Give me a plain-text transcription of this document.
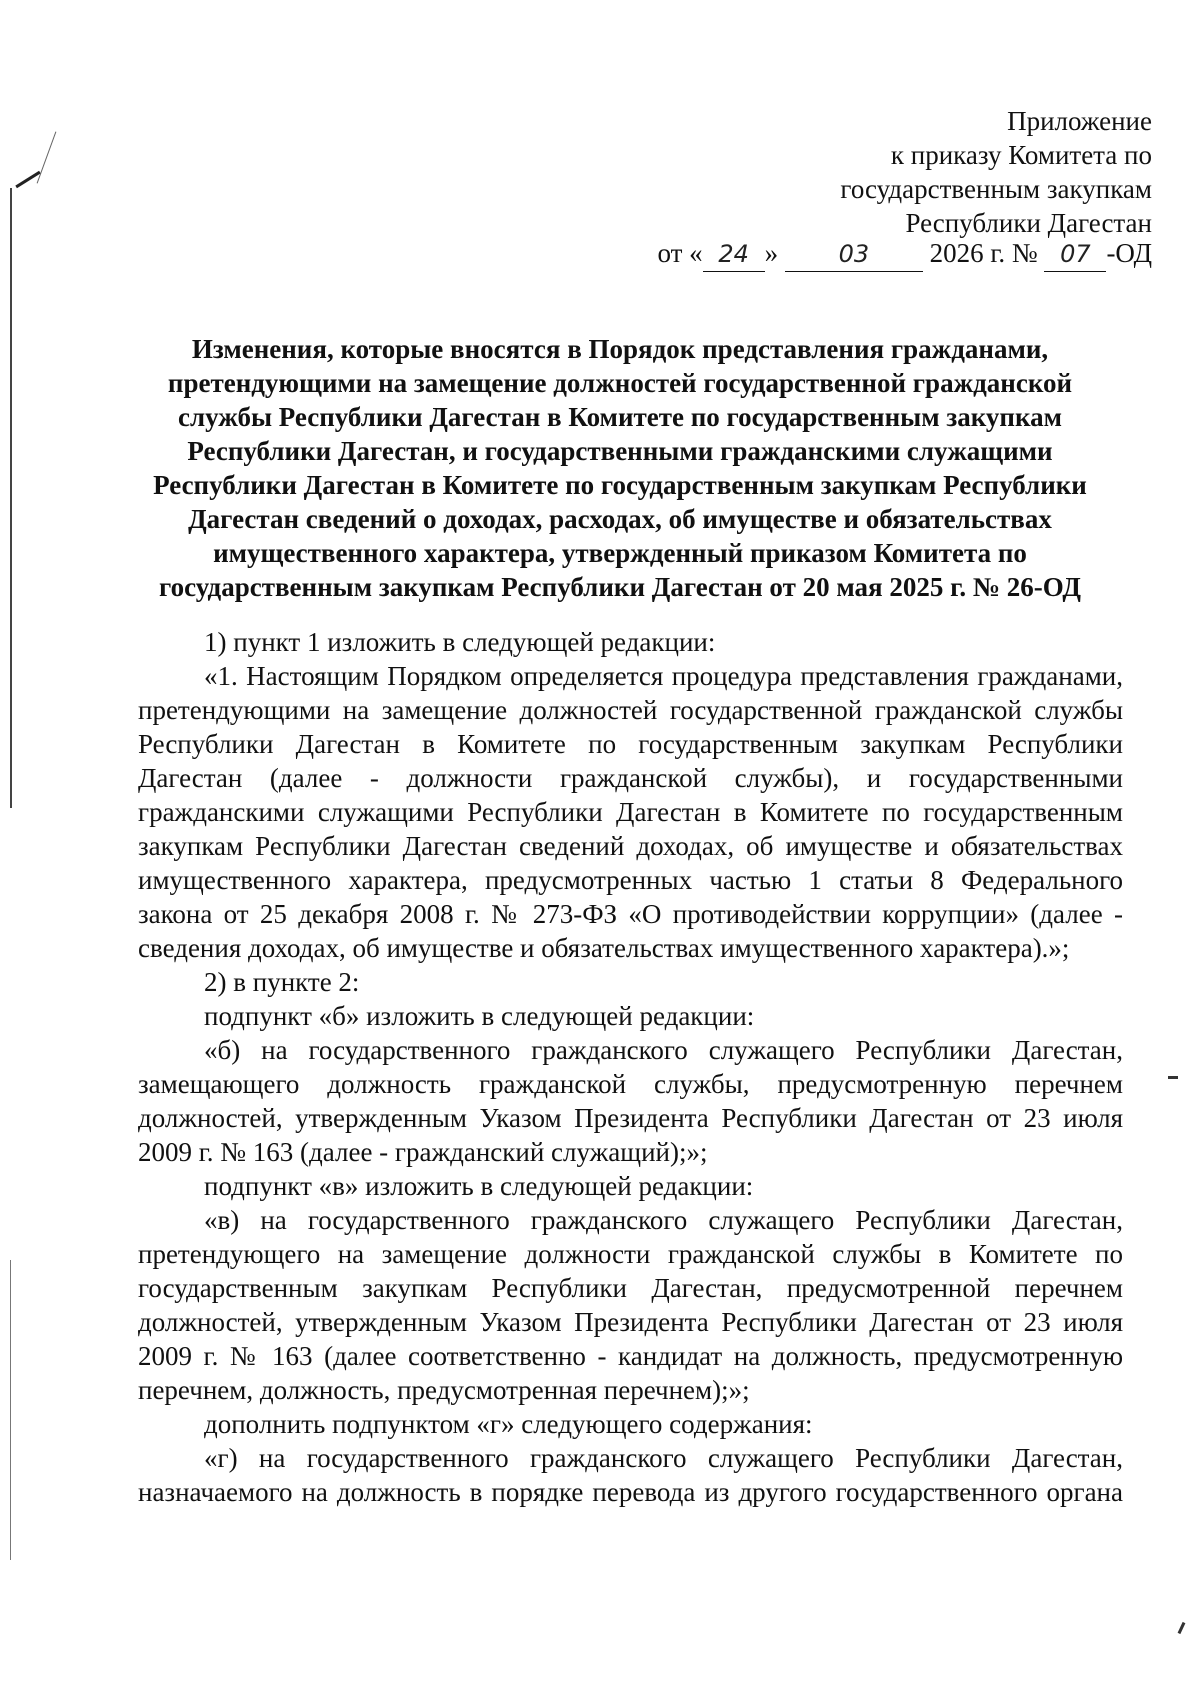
Приложение
к приказу Комитета по
государственным закупкам
Республики Дагестан
от « 24 »	03 2026 г. № 07 -ОД
Изменения, которые вносятся в Порядок представления гражданами,
претендующими на замещение должностей государственной гражданской
службы Республики Дагестан в Комитете по государственным закупкам
Республики Дагестан, и государственными гражданскими служащими
Республики Дагестан в Комитете по государственным закупкам Республики
Дагестан сведений о доходах, расходах, об имуществе и обязательствах
имущественного характера, утвержденный приказом Комитета по
государственным закупкам Республики Дагестан от 20 мая 2025 г. № 26-ОД

1) пункт 1 изложить в следующей редакции:

«1. Настоящим Порядком определяется процедура представления гражданами, претендующими на замещение должностей государственной гражданской службы Республики Дагестан в Комитете по государственным закупкам Республики Дагестан (далее - должности гражданской службы), и государственными гражданскими служащими Республики Дагестан в Комитете по государственным закупкам Республики Дагестан сведений доходах, об имуществе и обязательствах имущественного характера, предусмотренных частью 1 статьи 8 Федерального закона от 25 декабря 2008 г. № 273-ФЗ «О противодействии коррупции» (далее - сведения доходах, об имуществе и обязательствах имущественного характера).»;

2) в пункте 2:

подпункт «б» изложить в следующей редакции:

«б) на государственного гражданского служащего Республики Дагестан, замещающего должность гражданской службы, предусмотренную перечнем должностей, утвержденным Указом Президента Республики Дагестан от 23 июля 2009 г. № 163 (далее - гражданский служащий);»;

подпункт «в» изложить в следующей редакции:

«в) на государственного гражданского служащего Республики Дагестан, претендующего на замещение должности гражданской службы в Комитете по государственным закупкам Республики Дагестан, предусмотренной перечнем должностей, утвержденным Указом Президента Республики Дагестан от 23 июля 2009 г. № 163 (далее соответственно - кандидат на должность, предусмотренную перечнем, должность, предусмотренная перечнем);»;

дополнить подпунктом «г» следующего содержания:

«г) на государственного гражданского служащего Республики Дагестан, назначаемого на должность в порядке перевода из другого государственного органа
